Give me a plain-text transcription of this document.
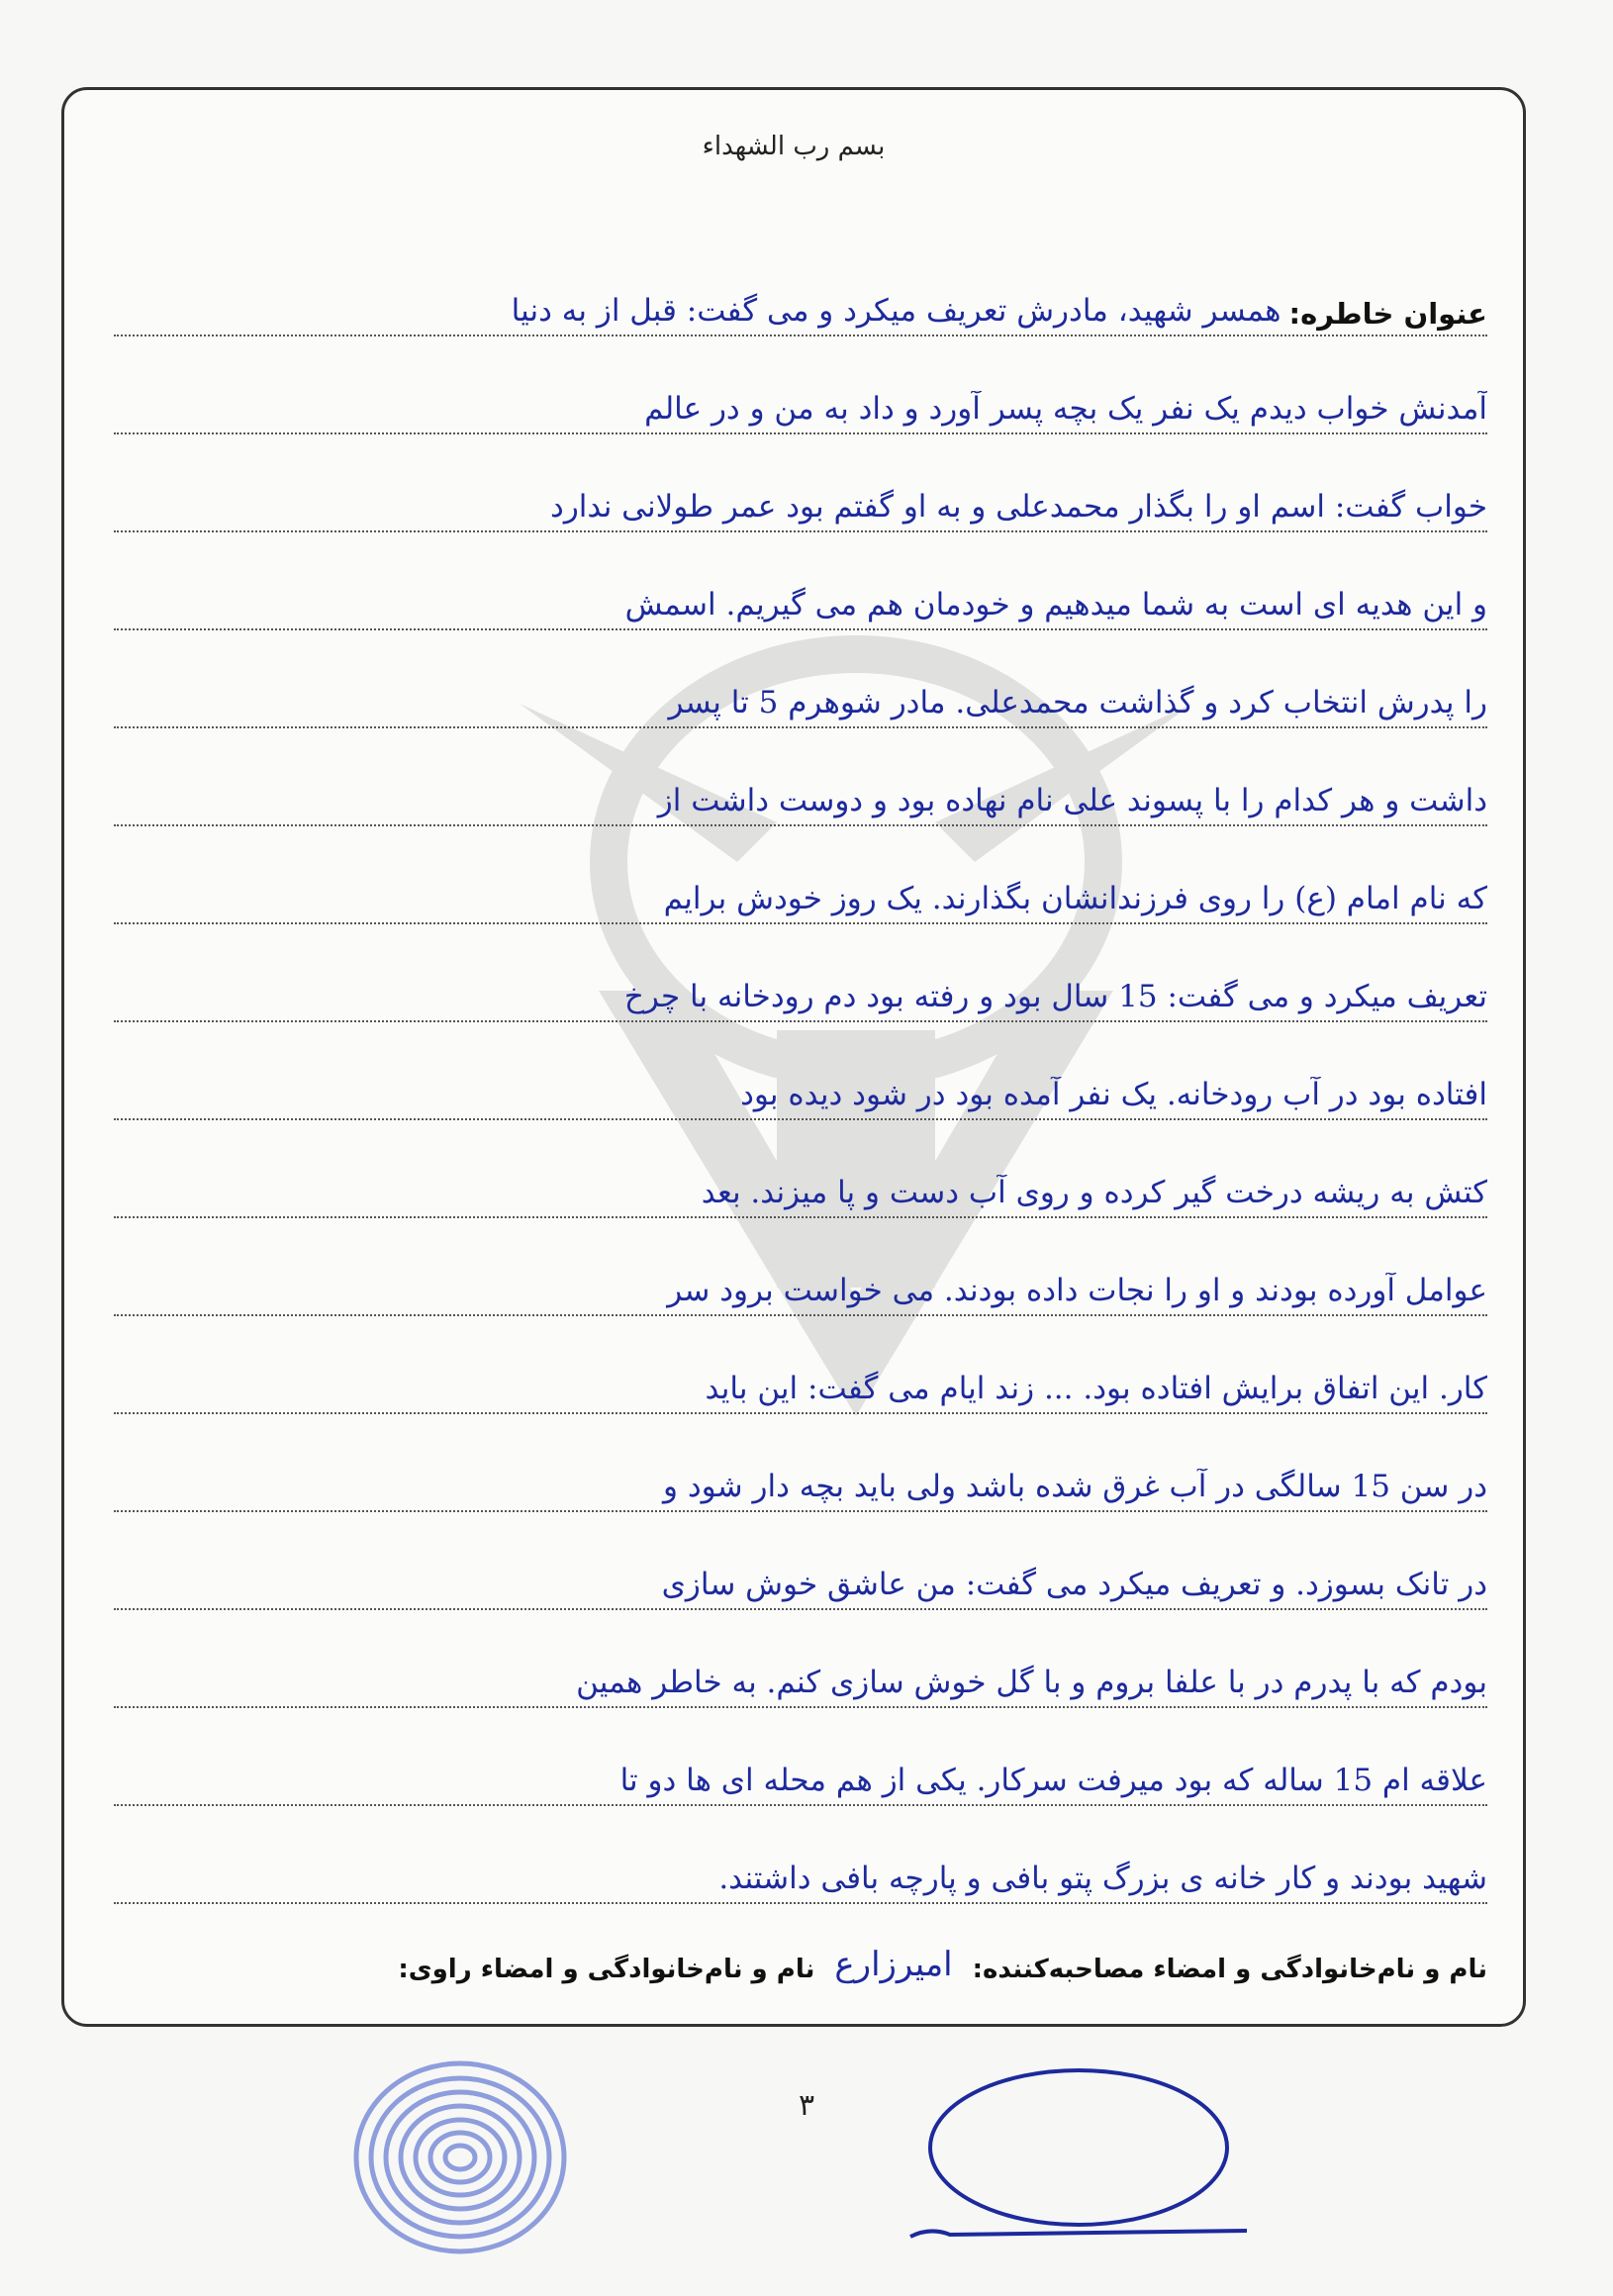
بسم رب الشهداء
عنوان خاطره:
همسر شهید، مادرش تعریف میکرد و می گفت: قبل از به دنیا
آمدنش خواب دیدم یک نفر یک بچه پسر آورد و داد به من و در عالم
خواب گفت: اسم او را بگذار محمدعلی و به او گفتم بود عمر طولانی ندارد
و این هدیه ای است به شما میدهیم و خودمان هم می گیریم. اسمش
را پدرش انتخاب کرد و گذاشت محمدعلی. مادر شوهرم 5 تا پسر
داشت و هر کدام را با پسوند علی نام نهاده بود و دوست داشت از
که نام امام (ع) را روی فرزندانشان بگذارند. یک روز خودش برایم
تعریف میکرد و می گفت: 15 سال بود و رفته بود دم رودخانه با چرخ
افتاده بود در آب رودخانه. یک نفر آمده بود در شود دیده بود
کتش به ریشه درخت گیر کرده و روی آب دست و پا میزند. بعد
عوامل آورده بودند و او را نجات داده بودند. می خواست برود سر
کار. این اتفاق برایش افتاده بود. ... زند ایام می گفت: این باید
در سن 15 سالگی در آب غرق شده باشد ولی باید بچه دار شود و
در تانک بسوزد. و تعریف میکرد می گفت: من عاشق خوش سازی
بودم که با پدرم در با علفا بروم و با گل خوش سازی کنم. به خاطر همین
علاقه ام 15 ساله که بود میرفت سرکار. یکی از هم محله ای ها دو تا
شهید بودند و کار خانه ی بزرگ پتو بافی و پارچه بافی داشتند.
نام و نام‌خانوادگی و امضاء مصاحبه‌کننده:
امیرزارع
نام و نام‌خانوادگی و امضاء راوی:
۳
